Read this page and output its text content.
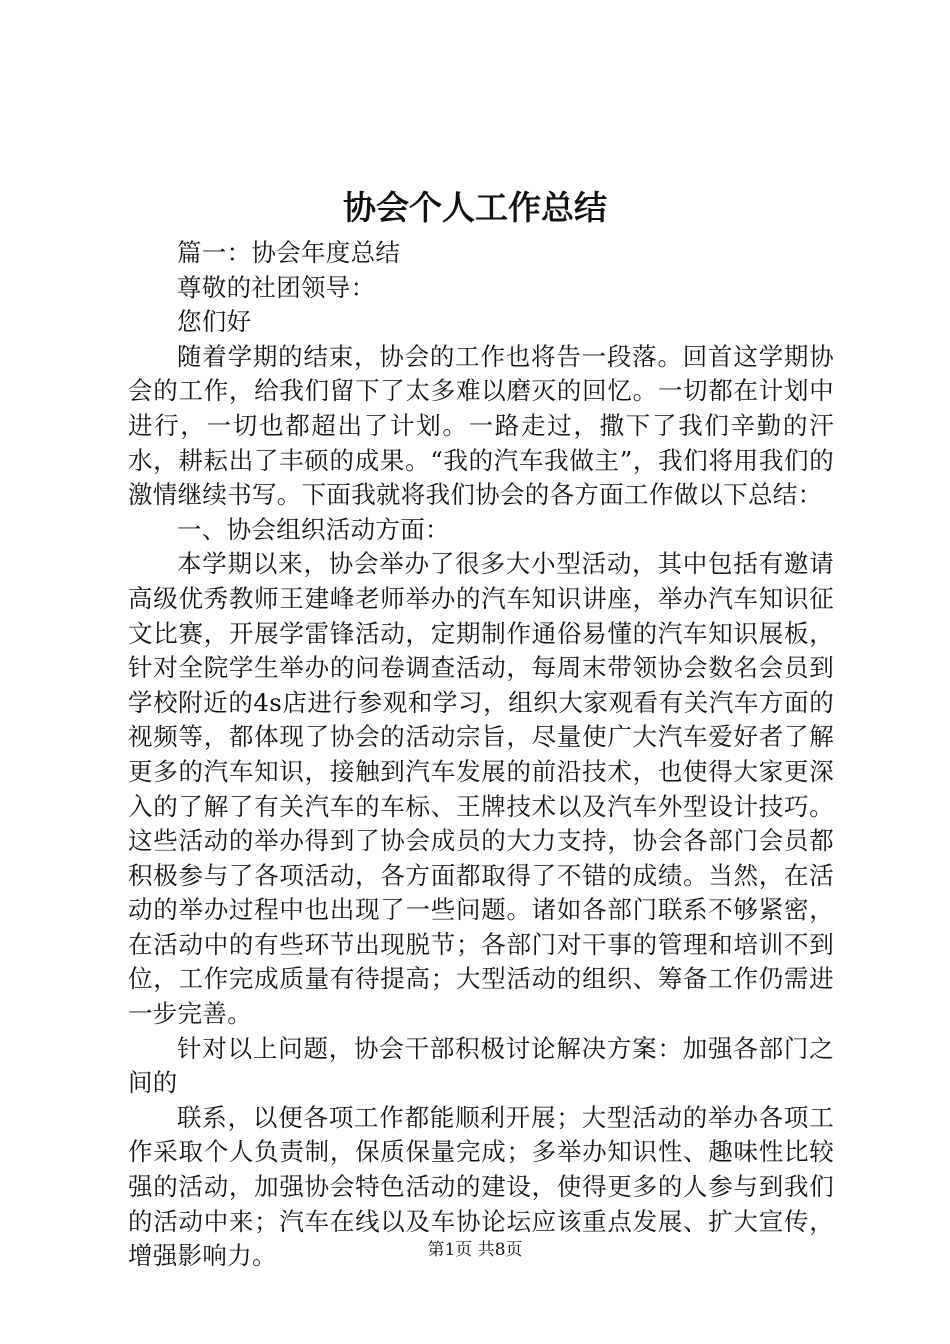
协会个人工作总结

篇一：协会年度总结

尊敬的社团领导：

您们好

随着学期的结束，协会的工作也将告一段落。回首这学期协会的工作，给我们留下了太多难以磨灭的回忆。一切都在计划中进行，一切也都超出了计划。一路走过，撒下了我们辛勤的汗水，耕耘出了丰硕的成果。“我的汽车我做主”，我们将用我们的激情继续书写。下面我就将我们协会的各方面工作做以下总结：

一、协会组织活动方面：

本学期以来，协会举办了很多大小型活动，其中包括有邀请高级优秀教师王建峰老师举办的汽车知识讲座，举办汽车知识征文比赛，开展学雷锋活动，定期制作通俗易懂的汽车知识展板，针对全院学生举办的问卷调查活动，每周末带领协会数名会员到学校附近的4s店进行参观和学习，组织大家观看有关汽车方面的视频等，都体现了协会的活动宗旨，尽量使广大汽车爱好者了解更多的汽车知识，接触到汽车发展的前沿技术，也使得大家更深入的了解了有关汽车的车标、王牌技术以及汽车外型设计技巧。这些活动的举办得到了协会成员的大力支持，协会各部门会员都积极参与了各项活动，各方面都取得了不错的成绩。当然，在活动的举办过程中也出现了一些问题。诸如各部门联系不够紧密，在活动中的有些环节出现脱节；各部门对干事的管理和培训不到位，工作完成质量有待提高；大型活动的组织、筹备工作仍需进一步完善。

针对以上问题，协会干部积极讨论解决方案：加强各部门之间的

联系，以便各项工作都能顺利开展；大型活动的举办各项工作采取个人负责制，保质保量完成；多举办知识性、趣味性比较强的活动，加强协会特色活动的建设，使得更多的人参与到我们的活动中来；汽车在线以及车协论坛应该重点发展、扩大宣传，增强影响力。	第1页 共8页
